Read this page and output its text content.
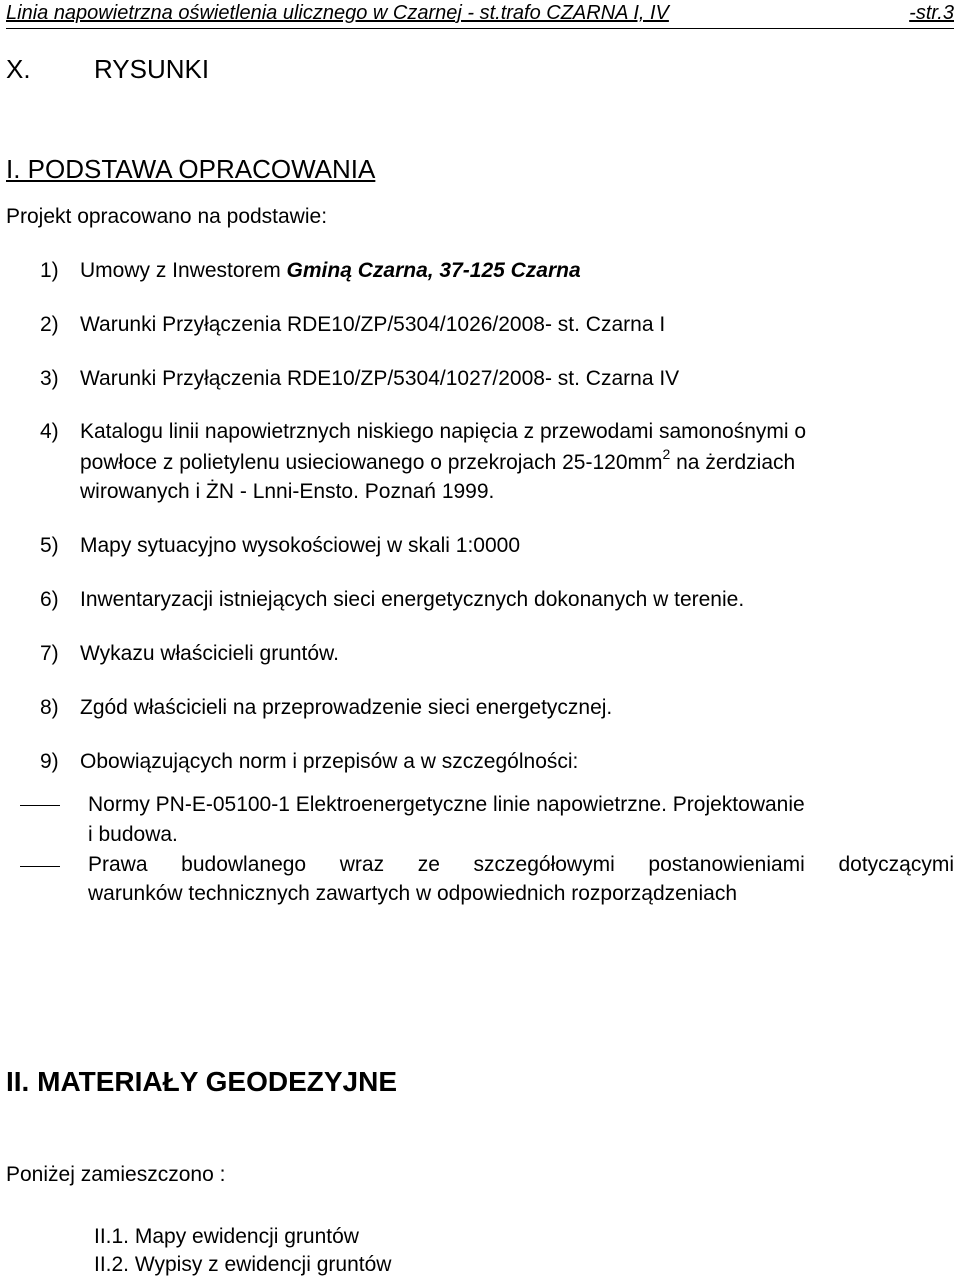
Linia napowietrzna oświetlenia ulicznego w Czarnej - st.trafo CZARNA I, IV	-str.3
X. RYSUNKI
I. PODSTAWA OPRACOWANIA
Projekt opracowano na podstawie:
1) Umowy z Inwestorem Gminą Czarna, 37-125 Czarna
2) Warunki Przyłączenia RDE10/ZP/5304/1026/2008- st. Czarna I
3) Warunki Przyłączenia RDE10/ZP/5304/1027/2008- st. Czarna IV
4) Katalogu linii napowietrznych niskiego napięcia z przewodami samonośnymi o
powłoce z polietylenu usieciowanego o przekrojach $25-120mm^2$ na żerdziach
wirowanych i ŻN - Lnni-Ensto. Poznań 1999.
5) Mapy sytuacyjno wysokościowej w skali 1:0000
6) Inwentaryzacji istniejących sieci energetycznych dokonanych w terenie.
7) Wykazu właścicieli gruntów.
8) Zgód właścicieli na przeprowadzenie sieci energetycznej.
9) Obowiązujących norm i przepisów a w szczególności:
Normy PN-E-05100-1 Elektroenergetyczne linie napowietrzne. Projektowanie
i budowa.
Prawa budowlanego wraz ze szczegółowymi postanowieniami dotyczącymi
warunków technicznych zawartych w odpowiednich rozporządzeniach
II. MATERIAŁY GEODEZYJNE
Poniżej zamieszczono :
II.1. Mapy ewidencji gruntów
II.2. Wypisy z ewidencji gruntów
